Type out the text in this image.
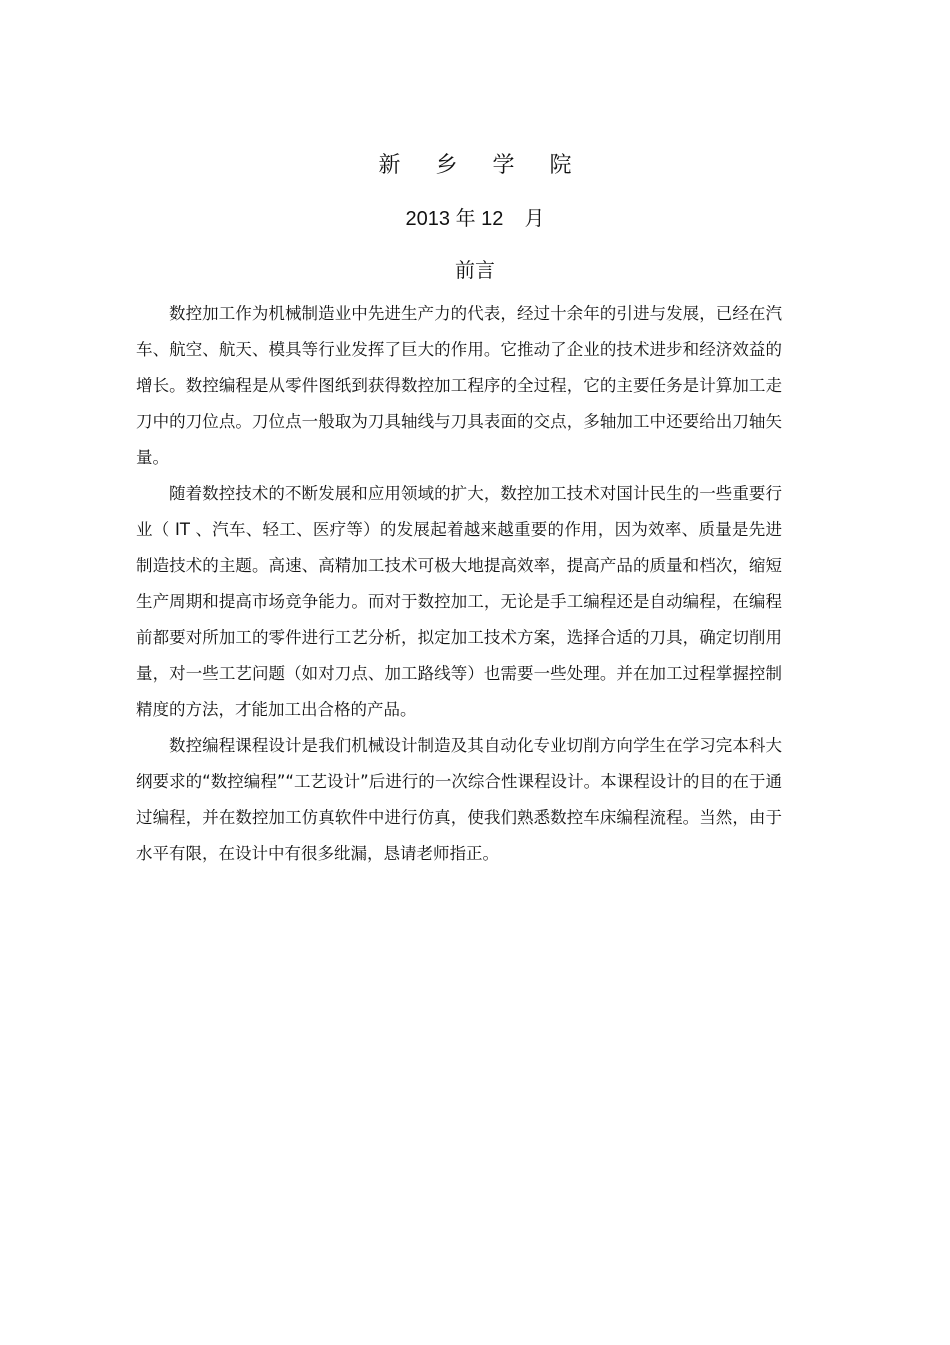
新 乡 学 院
2013 年 12 月
前言

数控加工作为机械制造业中先进生产力的代表，经过十余年的引进与发展，已经在汽车、航空、航天、模具等行业发挥了巨大的作用。它推动了企业的技术进步和经济效益的增长。数控编程是从零件图纸到获得数控加工程序的全过程，它的主要任务是计算加工走刀中的刀位点。刀位点一般取为刀具轴线与刀具表面的交点，多轴加工中还要给出刀轴矢量。

随着数控技术的不断发展和应用领域的扩大，数控加工技术对国计民生的一些重要行业（ IT 、汽车、轻工、医疗等）的发展起着越来越重要的作用，因为效率、质量是先进制造技术的主题。高速、高精加工技术可极大地提高效率，提高产品的质量和档次，缩短生产周期和提高市场竞争能力。而对于数控加工，无论是手工编程还是自动编程，在编程前都要对所加工的零件进行工艺分析，拟定加工技术方案，选择合适的刀具，确定切削用量，对一些工艺问题（如对刀点、加工路线等）也需要一些处理。并在加工过程掌握控制精度的方法，才能加工出合格的产品。

数控编程课程设计是我们机械设计制造及其自动化专业切削方向学生在学习完本科大纲要求的“数控编程”“工艺设计”后进行的一次综合性课程设计。本课程设计的目的在于通过编程，并在数控加工仿真软件中进行仿真，使我们熟悉数控车床编程流程。当然，由于水平有限，在设计中有很多纰漏，恳请老师指正。
